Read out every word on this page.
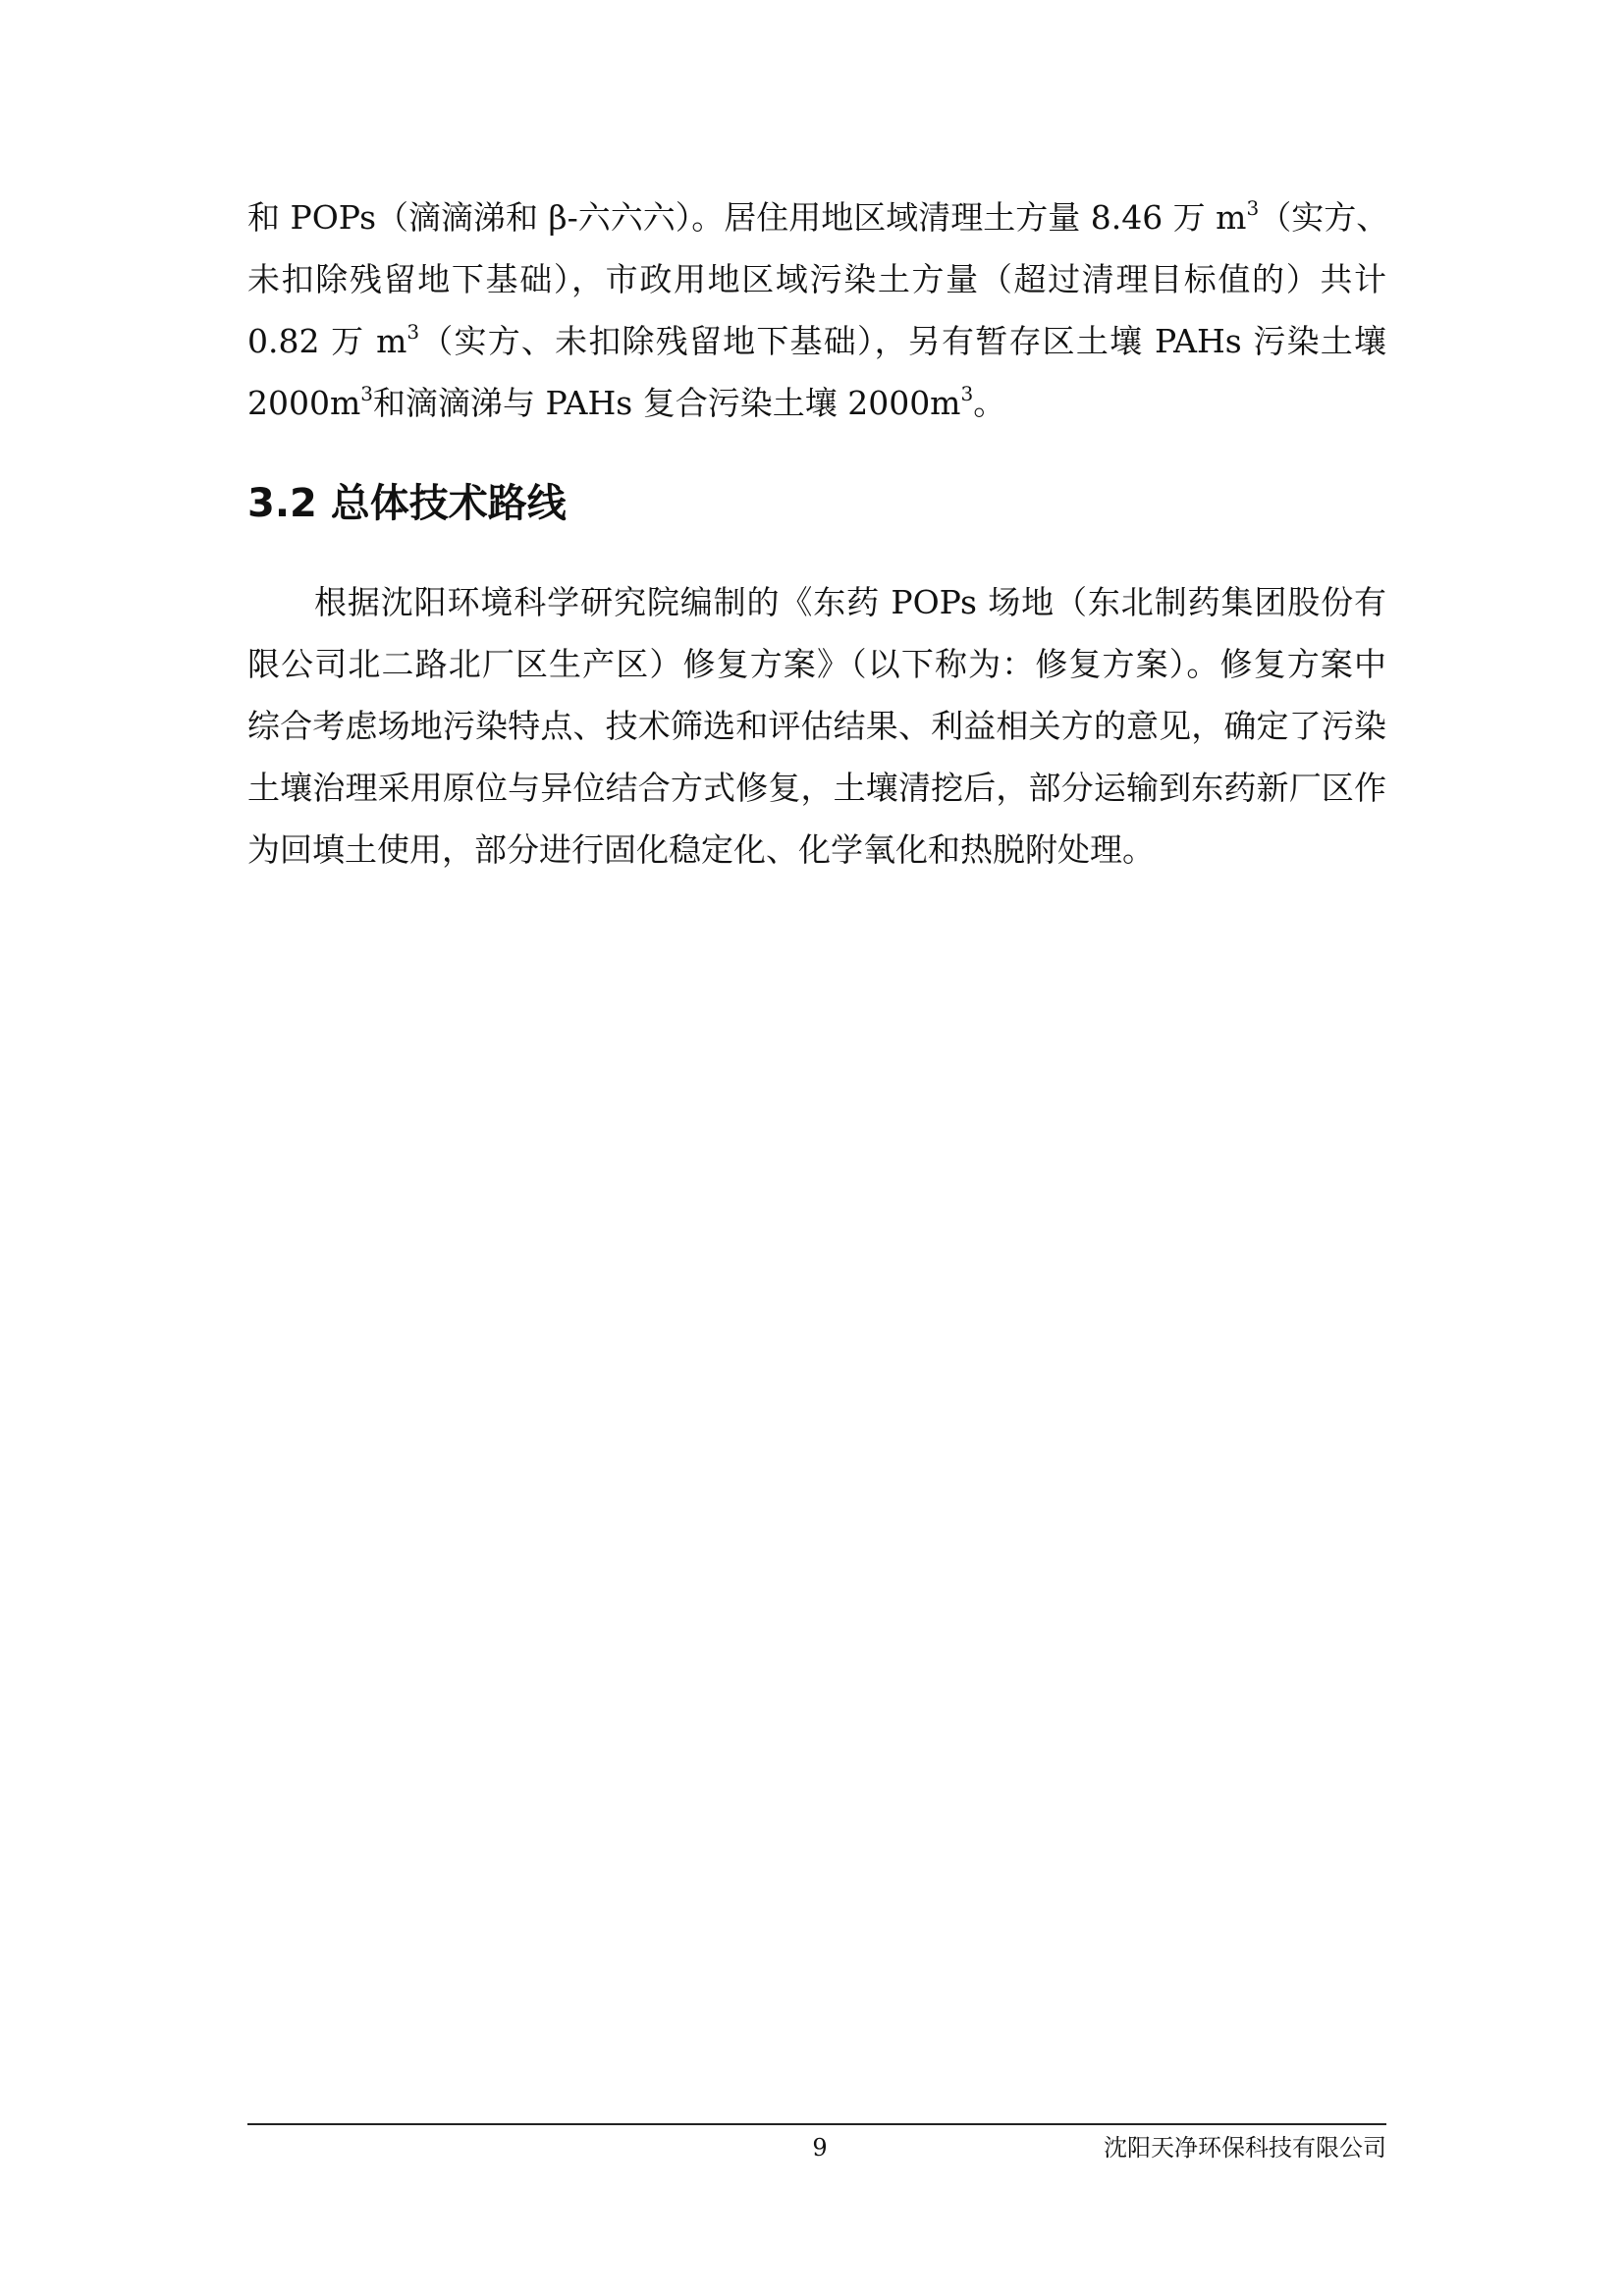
和 POPs（滴滴涕和 β-六六六）。居住用地区域清理土方量 8.46 万 $m^3$（实方、
未扣除残留地下基础），市政用地区域污染土方量（超过清理目标值的）共计
0.82 万 $m^3$（实方、未扣除残留地下基础），另有暂存区土壤 PAHs 污染土壤
$2000m^3$和滴滴涕与 PAHs 复合污染土壤 $2000m^3$。
3.2 总体技术路线
根据沈阳环境科学研究院编制的《东药 POPs 场地（东北制药集团股份有
限公司北二路北厂区生产区）修复方案》（以下称为：修复方案）。修复方案中
综合考虑场地污染特点、技术筛选和评估结果、利益相关方的意见，确定了污染
土壤治理采用原位与异位结合方式修复，土壤清挖后，部分运输到东药新厂区作
为回填土使用，部分进行固化稳定化、化学氧化和热脱附处理。
9	沈阳天净环保科技有限公司
